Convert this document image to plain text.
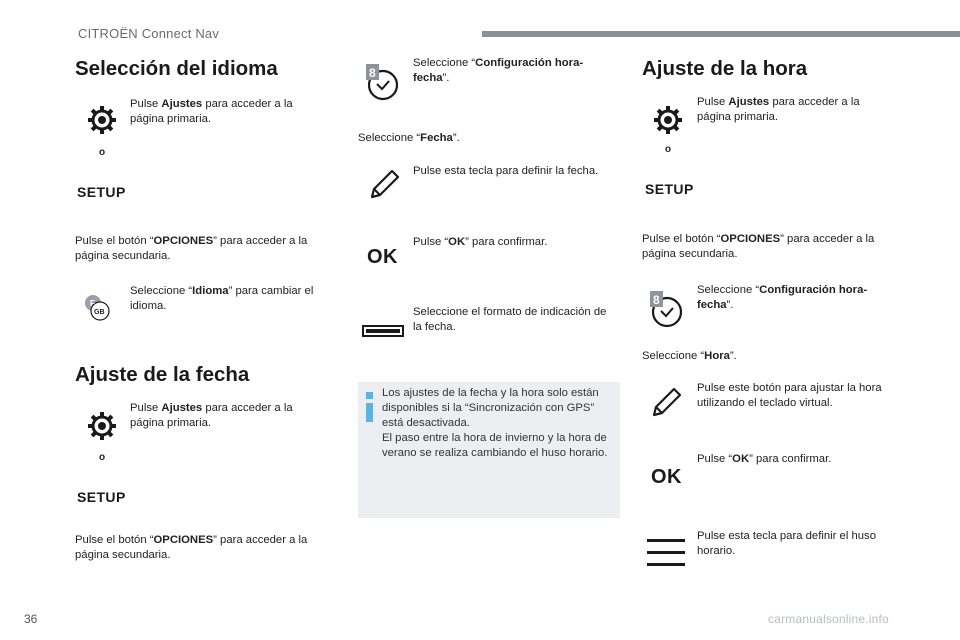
CITROËN Connect Nav
Selección del idioma
Pulse Ajustes para acceder a la página primaria.
o
SETUP
Pulse el botón “OPCIONES” para acceder a la página secundaria.
F
GB
Seleccione “Idioma” para cambiar el idioma.
Ajuste de la fecha
Pulse Ajustes para acceder a la página primaria.
o
SETUP
Pulse el botón “OPCIONES” para acceder a la página secundaria.
8
Seleccione “Configuración hora-fecha”.
Seleccione “Fecha”.
Pulse esta tecla para definir la fecha.
OK
Pulse “OK” para confirmar.
Seleccione el formato de indicación de la fecha.
Los ajustes de la fecha y la hora solo están disponibles si la “Sincronización con GPS” está desactivada.
El paso entre la hora de invierno y la hora de verano se realiza cambiando el huso horario.
Ajuste de la hora
Pulse Ajustes para acceder a la página primaria.
o
SETUP
Pulse el botón “OPCIONES” para acceder a la página secundaria.
8
Seleccione “Configuración hora-fecha”.
Seleccione “Hora”.
Pulse este botón para ajustar la hora utilizando el teclado virtual.
OK
Pulse “OK” para confirmar.
Pulse esta tecla para definir el huso horario.
36	carmanualsonline.info
